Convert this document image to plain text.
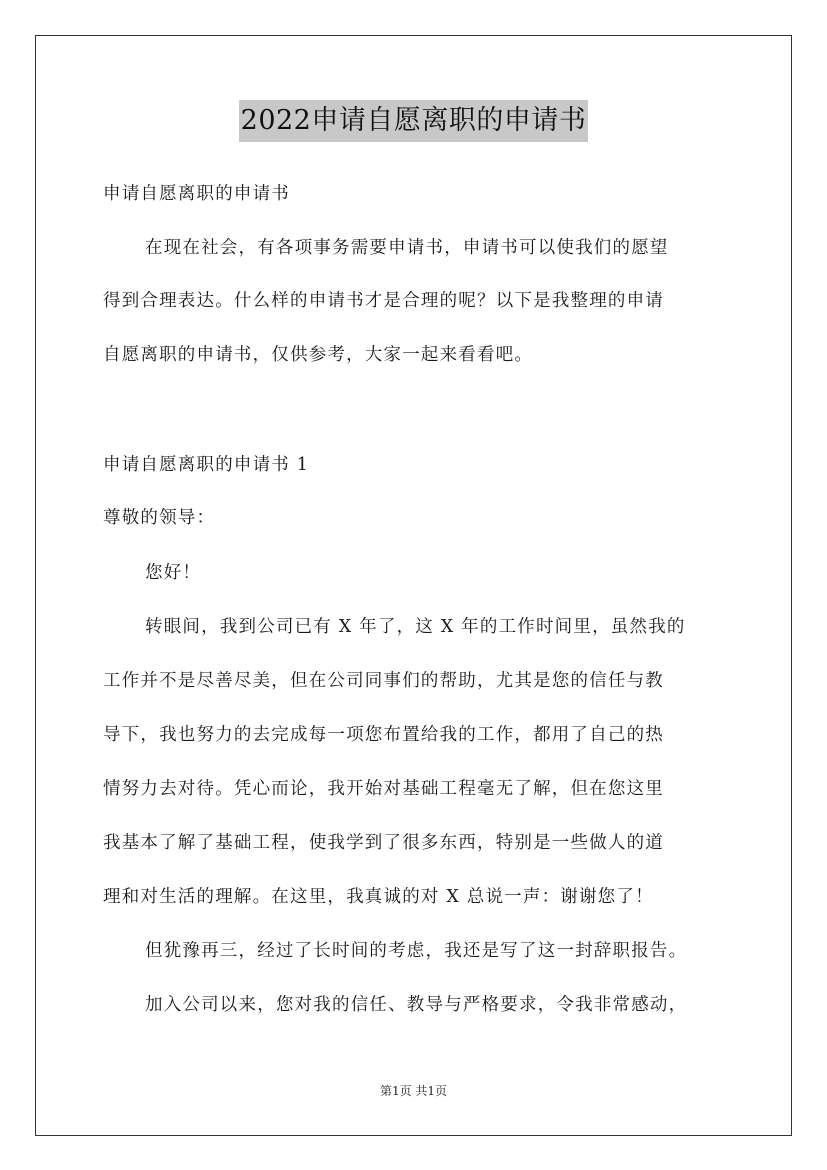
2022申请自愿离职的申请书
申请自愿离职的申请书
在现在社会，有各项事务需要申请书，申请书可以使我们的愿望
得到合理表达。什么样的申请书才是合理的呢？以下是我整理的申请
自愿离职的申请书，仅供参考，大家一起来看看吧。
申请自愿离职的申请书 1
尊敬的领导：
您好！
转眼间，我到公司已有 X 年了，这 X 年的工作时间里，虽然我的
工作并不是尽善尽美，但在公司同事们的帮助，尤其是您的信任与教
导下，我也努力的去完成每一项您布置给我的工作，都用了自己的热
情努力去对待。凭心而论，我开始对基础工程毫无了解，但在您这里
我基本了解了基础工程，使我学到了很多东西，特别是一些做人的道
理和对生活的理解。在这里，我真诚的对 X 总说一声：谢谢您了！
但犹豫再三，经过了长时间的考虑，我还是写了这一封辞职报告。
加入公司以来，您对我的信任、教导与严格要求，令我非常感动，
第1页 共1页
